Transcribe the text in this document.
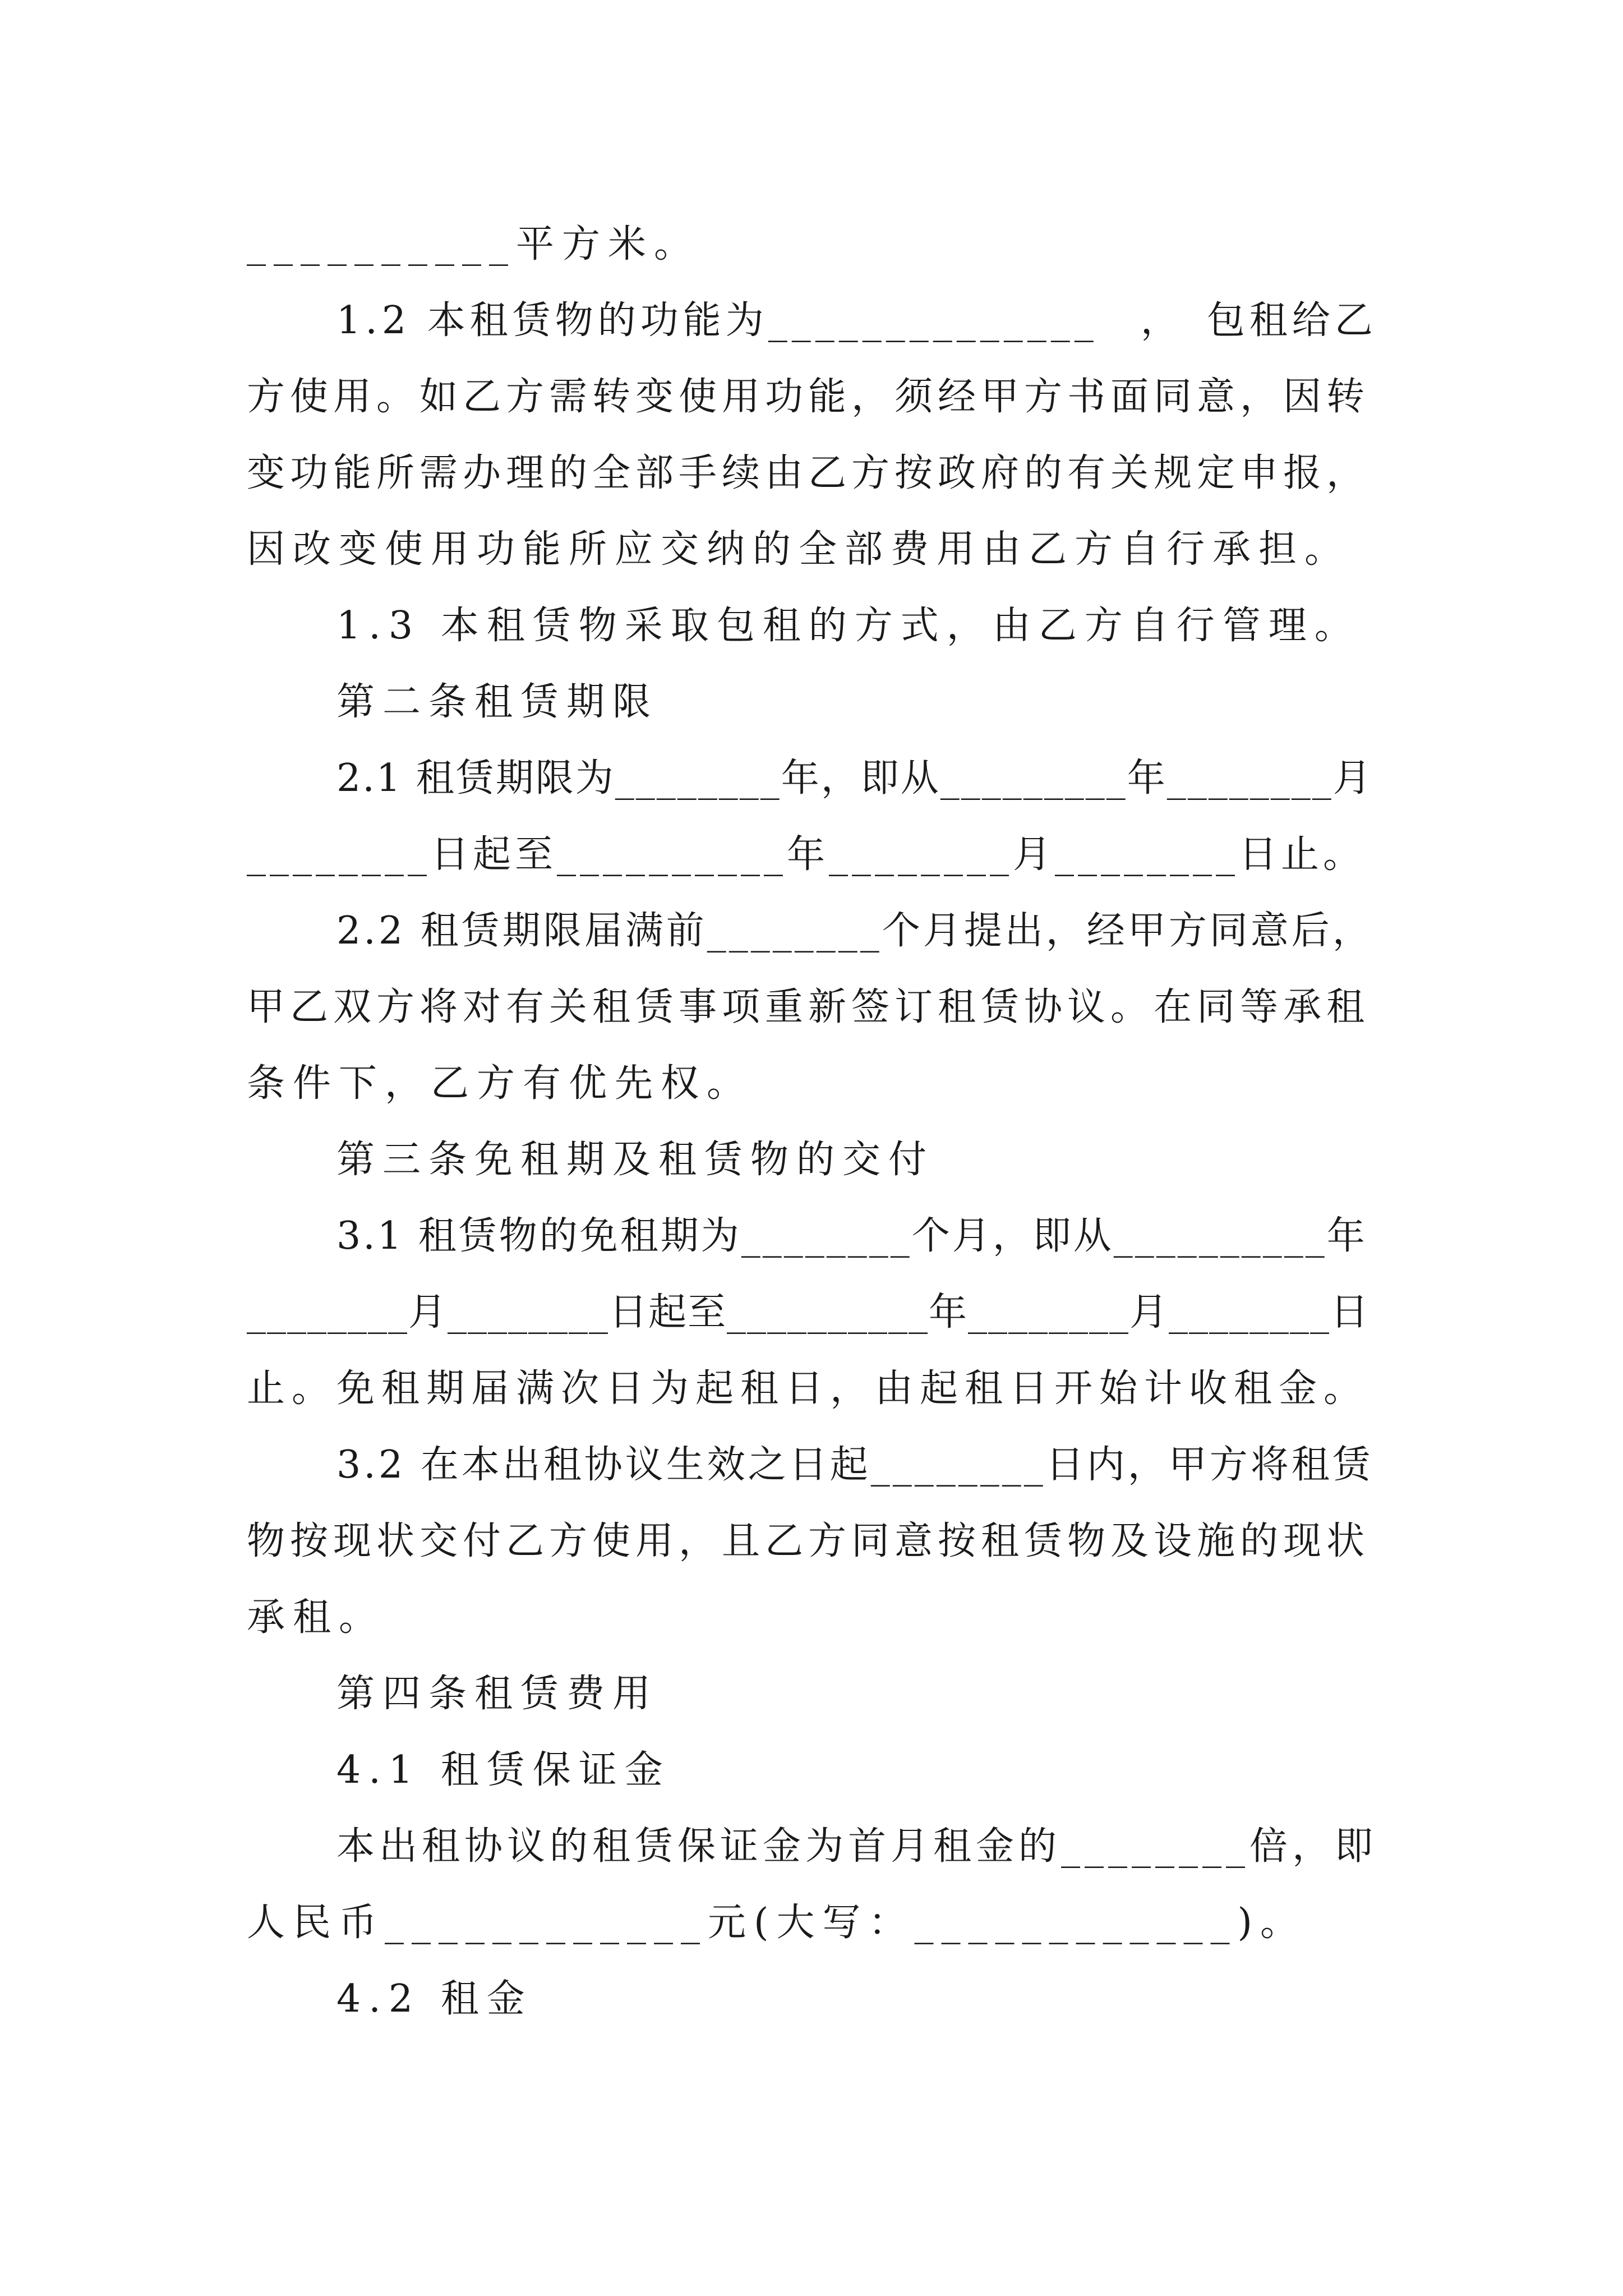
__________平方米。
1.2 本租赁物的功能为______________　，　包租给乙
方使用。如乙方需转变使用功能，须经甲方书面同意，因转
变功能所需办理的全部手续由乙方按政府的有关规定申报，
因改变使用功能所应交纳的全部费用由乙方自行承担。
1.3 本租赁物采取包租的方式，由乙方自行管理。
第二条租赁期限
2.1 租赁期限为________年，即从_________年________月
________日起至__________年________月________日止。
2.2 租赁期限届满前________个月提出，经甲方同意后，
甲乙双方将对有关租赁事项重新签订租赁协议。在同等承租
条件下，乙方有优先权。
第三条免租期及租赁物的交付
3.1 租赁物的免租期为________个月，即从__________年
________月________日起至__________年________月________日
止。免租期届满次日为起租日，由起租日开始计收租金。
3.2 在本出租协议生效之日起________日内，甲方将租赁
物按现状交付乙方使用，且乙方同意按租赁物及设施的现状
承租。
第四条租赁费用
4.1 租赁保证金
本出租协议的租赁保证金为首月租金的________倍，即
人民币____________元(大写：____________)。
4.2 租金
